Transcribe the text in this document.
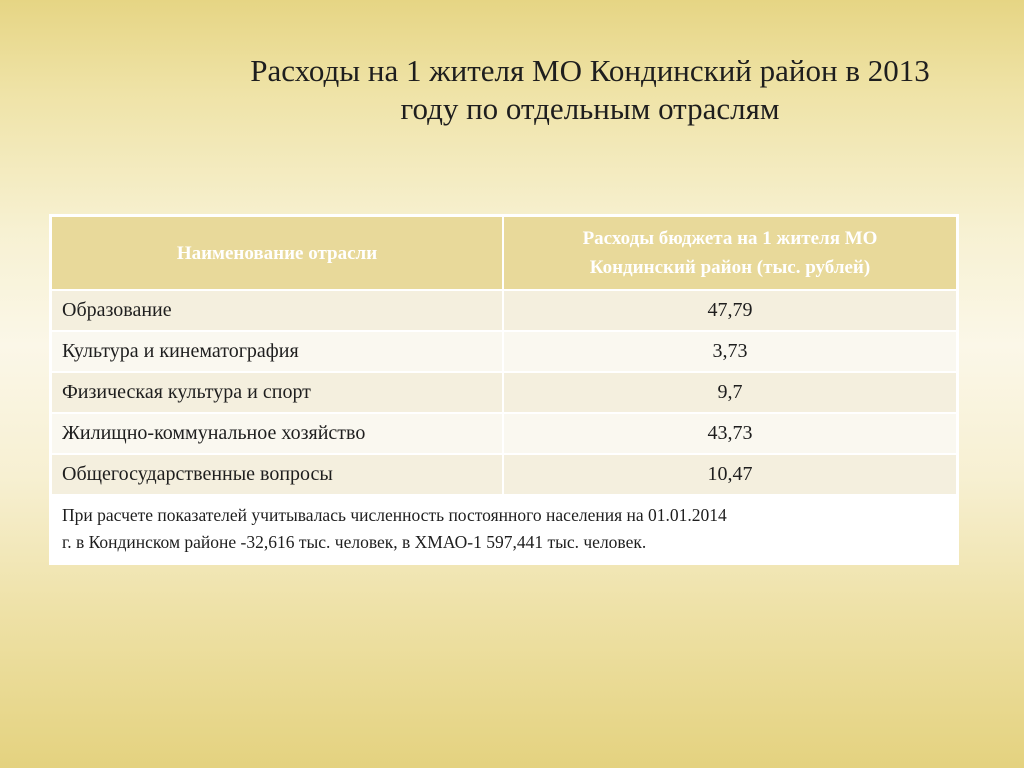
Расходы на 1 жителя МО Кондинский район в 2013
году по отдельным отраслям
Наименование отрасли	Расходы бюджета на 1 жителя МО
Кондинский район (тыс. рублей)

Образование	47,79
Культура и кинематография	3,73
Физическая культура и спорт	9,7
Жилищно-коммунальное хозяйство	43,73
Общегосударственные вопросы	10,47

При расчете показателей учитывалась численность постоянного населения на 01.01.2014
г. в Кондинском районе -32,616 тыс. человек, в ХМАО-1 597,441 тыс. человек.	
